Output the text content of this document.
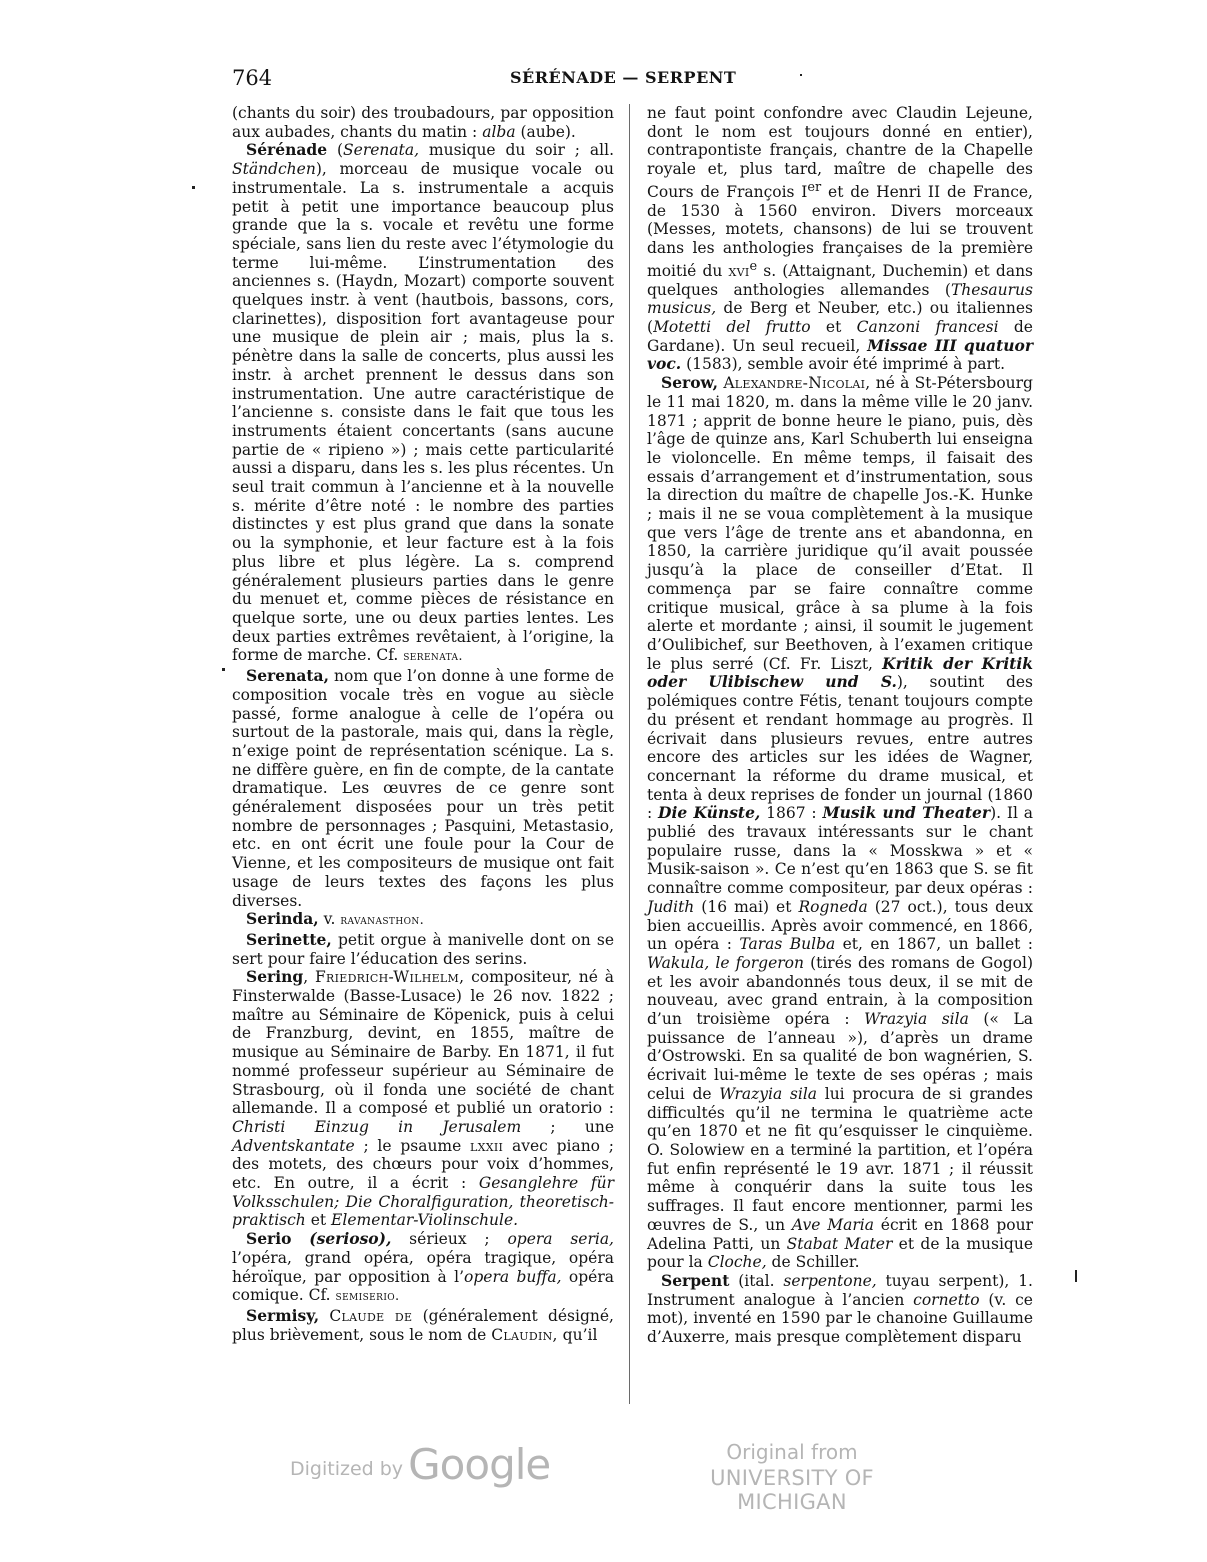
764	SÉRÉNADE — SERPENT

(chants du soir) des troubadours, par opposition aux aubades, chants du matin : alba (aube).

Sérénade (Serenata, musique du soir ; all. Ständchen), morceau de musique vocale ou instrumentale. La s. instrumentale a acquis petit à petit une importance beaucoup plus grande que la s. vocale et revêtu une forme spéciale, sans lien du reste avec l’étymologie du terme lui-même. L’instrumentation des anciennes s. (Haydn, Mozart) comporte souvent quelques instr. à vent (hautbois, bassons, cors, clarinettes), disposition fort avantageuse pour une musique de plein air ; mais, plus la s. pénètre dans la salle de concerts, plus aussi les instr. à archet prennent le dessus dans son instrumentation. Une autre caractéristique de l’ancienne s. consiste dans le fait que tous les instruments étaient concertants (sans aucune partie de « ripieno ») ; mais cette particularité aussi a disparu, dans les s. les plus récentes. Un seul trait commun à l’ancienne et à la nouvelle s. mérite d’être noté : le nombre des parties distinctes y est plus grand que dans la sonate ou la symphonie, et leur facture est à la fois plus libre et plus légère. La s. comprend généralement plusieurs parties dans le genre du menuet et, comme pièces de résistance en quelque sorte, une ou deux parties lentes. Les deux parties extrêmes revêtaient, à l’origine, la forme de marche. Cf. serenata.

Serenata, nom que l’on donne à une forme de composition vocale très en vogue au siècle passé, forme analogue à celle de l’opéra ou surtout de la pastorale, mais qui, dans la règle, n’exige point de représentation scénique. La s. ne diffère guère, en fin de compte, de la cantate dramatique. Les œuvres de ce genre sont généralement disposées pour un très petit nombre de personnages ; Pasquini, Metastasio, etc. en ont écrit une foule pour la Cour de Vienne, et les compositeurs de musique ont fait usage de leurs textes des façons les plus diverses.

Serinda, v. ravanasthon.

Serinette, petit orgue à manivelle dont on se sert pour faire l’éducation des serins.

Sering, Friedrich-Wilhelm, compositeur, né à Finsterwalde (Basse-Lusace) le 26 nov. 1822 ; maître au Séminaire de Köpenick, puis à celui de Franzburg, devint, en 1855, maître de musique au Séminaire de Barby. En 1871, il fut nommé professeur supérieur au Séminaire de Strasbourg, où il fonda une société de chant allemande. Il a composé et publié un oratorio : Christi Einzug in Jerusalem ; une Adventskantate ; le psaume lxxii avec piano ; des motets, des chœurs pour voix d’hommes, etc. En outre, il a écrit : Gesanglehre für Volksschulen; Die Choralfiguration, theoretisch-praktisch et Elementar-Violinschule.

Serio (serioso), sérieux ; opera seria, l’opéra, grand opéra, opéra tragique, opéra héroïque, par opposition à l’opera buffa, opéra comique. Cf. semiserio.

Sermisy, Claude de (généralement désigné, plus brièvement, sous le nom de Claudin, qu’il

ne faut point confondre avec Claudin Lejeune, dont le nom est toujours donné en entier), contrapontiste français, chantre de la Chapelle royale et, plus tard, maître de chapelle des Cours de François Ier et de Henri II de France, de 1530 à 1560 environ. Divers morceaux (Messes, motets, chansons) de lui se trouvent dans les anthologies françaises de la première moitié du xvi$^e$ s. (Attaignant, Duchemin) et dans quelques anthologies allemandes (Thesaurus musicus, de Berg et Neuber, etc.) ou italiennes (Motetti del frutto et Canzoni francesi de Gardane). Un seul recueil, Missae III quatuor voc. (1583), semble avoir été imprimé à part.

Serow, Alexandre-Nicolai, né à St-Pétersbourg le 11 mai 1820, m. dans la même ville le 20 janv. 1871 ; apprit de bonne heure le piano, puis, dès l’âge de quinze ans, Karl Schuberth lui enseigna le violoncelle. En même temps, il faisait des essais d’arrangement et d’instrumentation, sous la direction du maître de chapelle Jos.-K. Hunke ; mais il ne se voua complètement à la musique que vers l’âge de trente ans et abandonna, en 1850, la carrière juridique qu’il avait poussée jusqu’à la place de conseiller d’Etat. Il commença par se faire connaître comme critique musical, grâce à sa plume à la fois alerte et mordante ; ainsi, il soumit le jugement d’Oulibichef, sur Beethoven, à l’examen critique le plus serré (Cf. Fr. Liszt, Kritik der Kritik oder Ulibischew und S.), soutint des polémiques contre Fétis, tenant toujours compte du présent et rendant hommage au progrès. Il écrivait dans plusieurs revues, entre autres encore des articles sur les idées de Wagner, concernant la réforme du drame musical, et tenta à deux reprises de fonder un journal (1860 : Die Künste, 1867 : Musik und Theater). Il a publié des travaux intéressants sur le chant populaire russe, dans la « Mosskwa » et « Musik-saison ». Ce n’est qu’en 1863 que S. se fit connaître comme compositeur, par deux opéras : Judith (16 mai) et Rogneda (27 oct.), tous deux bien accueillis. Après avoir commencé, en 1866, un opéra : Taras Bulba et, en 1867, un ballet : Wakula, le forgeron (tirés des romans de Gogol) et les avoir abandonnés tous deux, il se mit de nouveau, avec grand entrain, à la composition d’un troisième opéra : Wrazyia sila (« La puissance de l’anneau »), d’après un drame d’Ostrowski. En sa qualité de bon wagnérien, S. écrivait lui-même le texte de ses opéras ; mais celui de Wrazyia sila lui procura de si grandes difficultés qu’il ne termina le quatrième acte qu’en 1870 et ne fit qu’esquisser le cinquième. O. Solowiew en a terminé la partition, et l’opéra fut enfin représenté le 19 avr. 1871 ; il réussit même à conquérir dans la suite tous les suffrages. Il faut encore mentionner, parmi les œuvres de S., un Ave Maria écrit en 1868 pour Adelina Patti, un Stabat Mater et de la musique pour la Cloche, de Schiller.

Serpent (ital. serpentone, tuyau serpent), 1. Instrument analogue à l’ancien cornetto (v. ce mot), inventé en 1590 par le chanoine Guillaume d’Auxerre, mais presque complètement disparu

Digitized by Google	Original from
UNIVERSITY OF MICHIGAN
